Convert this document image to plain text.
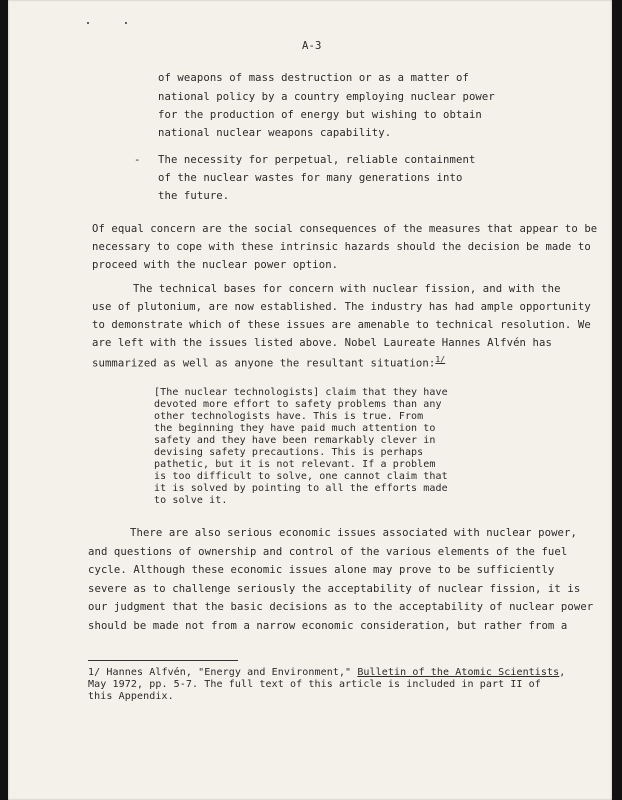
A-3
of weapons of mass destruction or as a matter of
national policy by a country employing nuclear power
for the production of energy but wishing to obtain
national nuclear weapons capability.
- The necessity for perpetual, reliable containment
of the nuclear wastes for many generations into
the future.
Of equal concern are the social consequences of the measures that appear to be
necessary to cope with these intrinsic hazards should the decision be made to
proceed with the nuclear power option.
The technical bases for concern with nuclear fission, and with the
use of plutonium, are now established. The industry has had ample opportunity
to demonstrate which of these issues are amenable to technical resolution. We
are left with the issues listed above. Nobel Laureate Hannes Alfvén has
summarized as well as anyone the resultant situation:$^{1/}$
[The nuclear technologists] claim that they have
devoted more effort to safety problems than any
other technologists have. This is true. From
the beginning they have paid much attention to
safety and they have been remarkably clever in
devising safety precautions. This is perhaps
pathetic, but it is not relevant. If a problem
is too difficult to solve, one cannot claim that
it is solved by pointing to all the efforts made
to solve it.
There are also serious economic issues associated with nuclear power,
and questions of ownership and control of the various elements of the fuel
cycle. Although these economic issues alone may prove to be sufficiently
severe as to challenge seriously the acceptability of nuclear fission, it is
our judgment that the basic decisions as to the acceptability of nuclear power
should be made not from a narrow economic consideration, but rather from a
1/ Hannes Alfvén, "Energy and Environment," Bulletin of the Atomic Scientists,
May 1972, pp. 5-7. The full text of this article is included in part II of
this Appendix.
